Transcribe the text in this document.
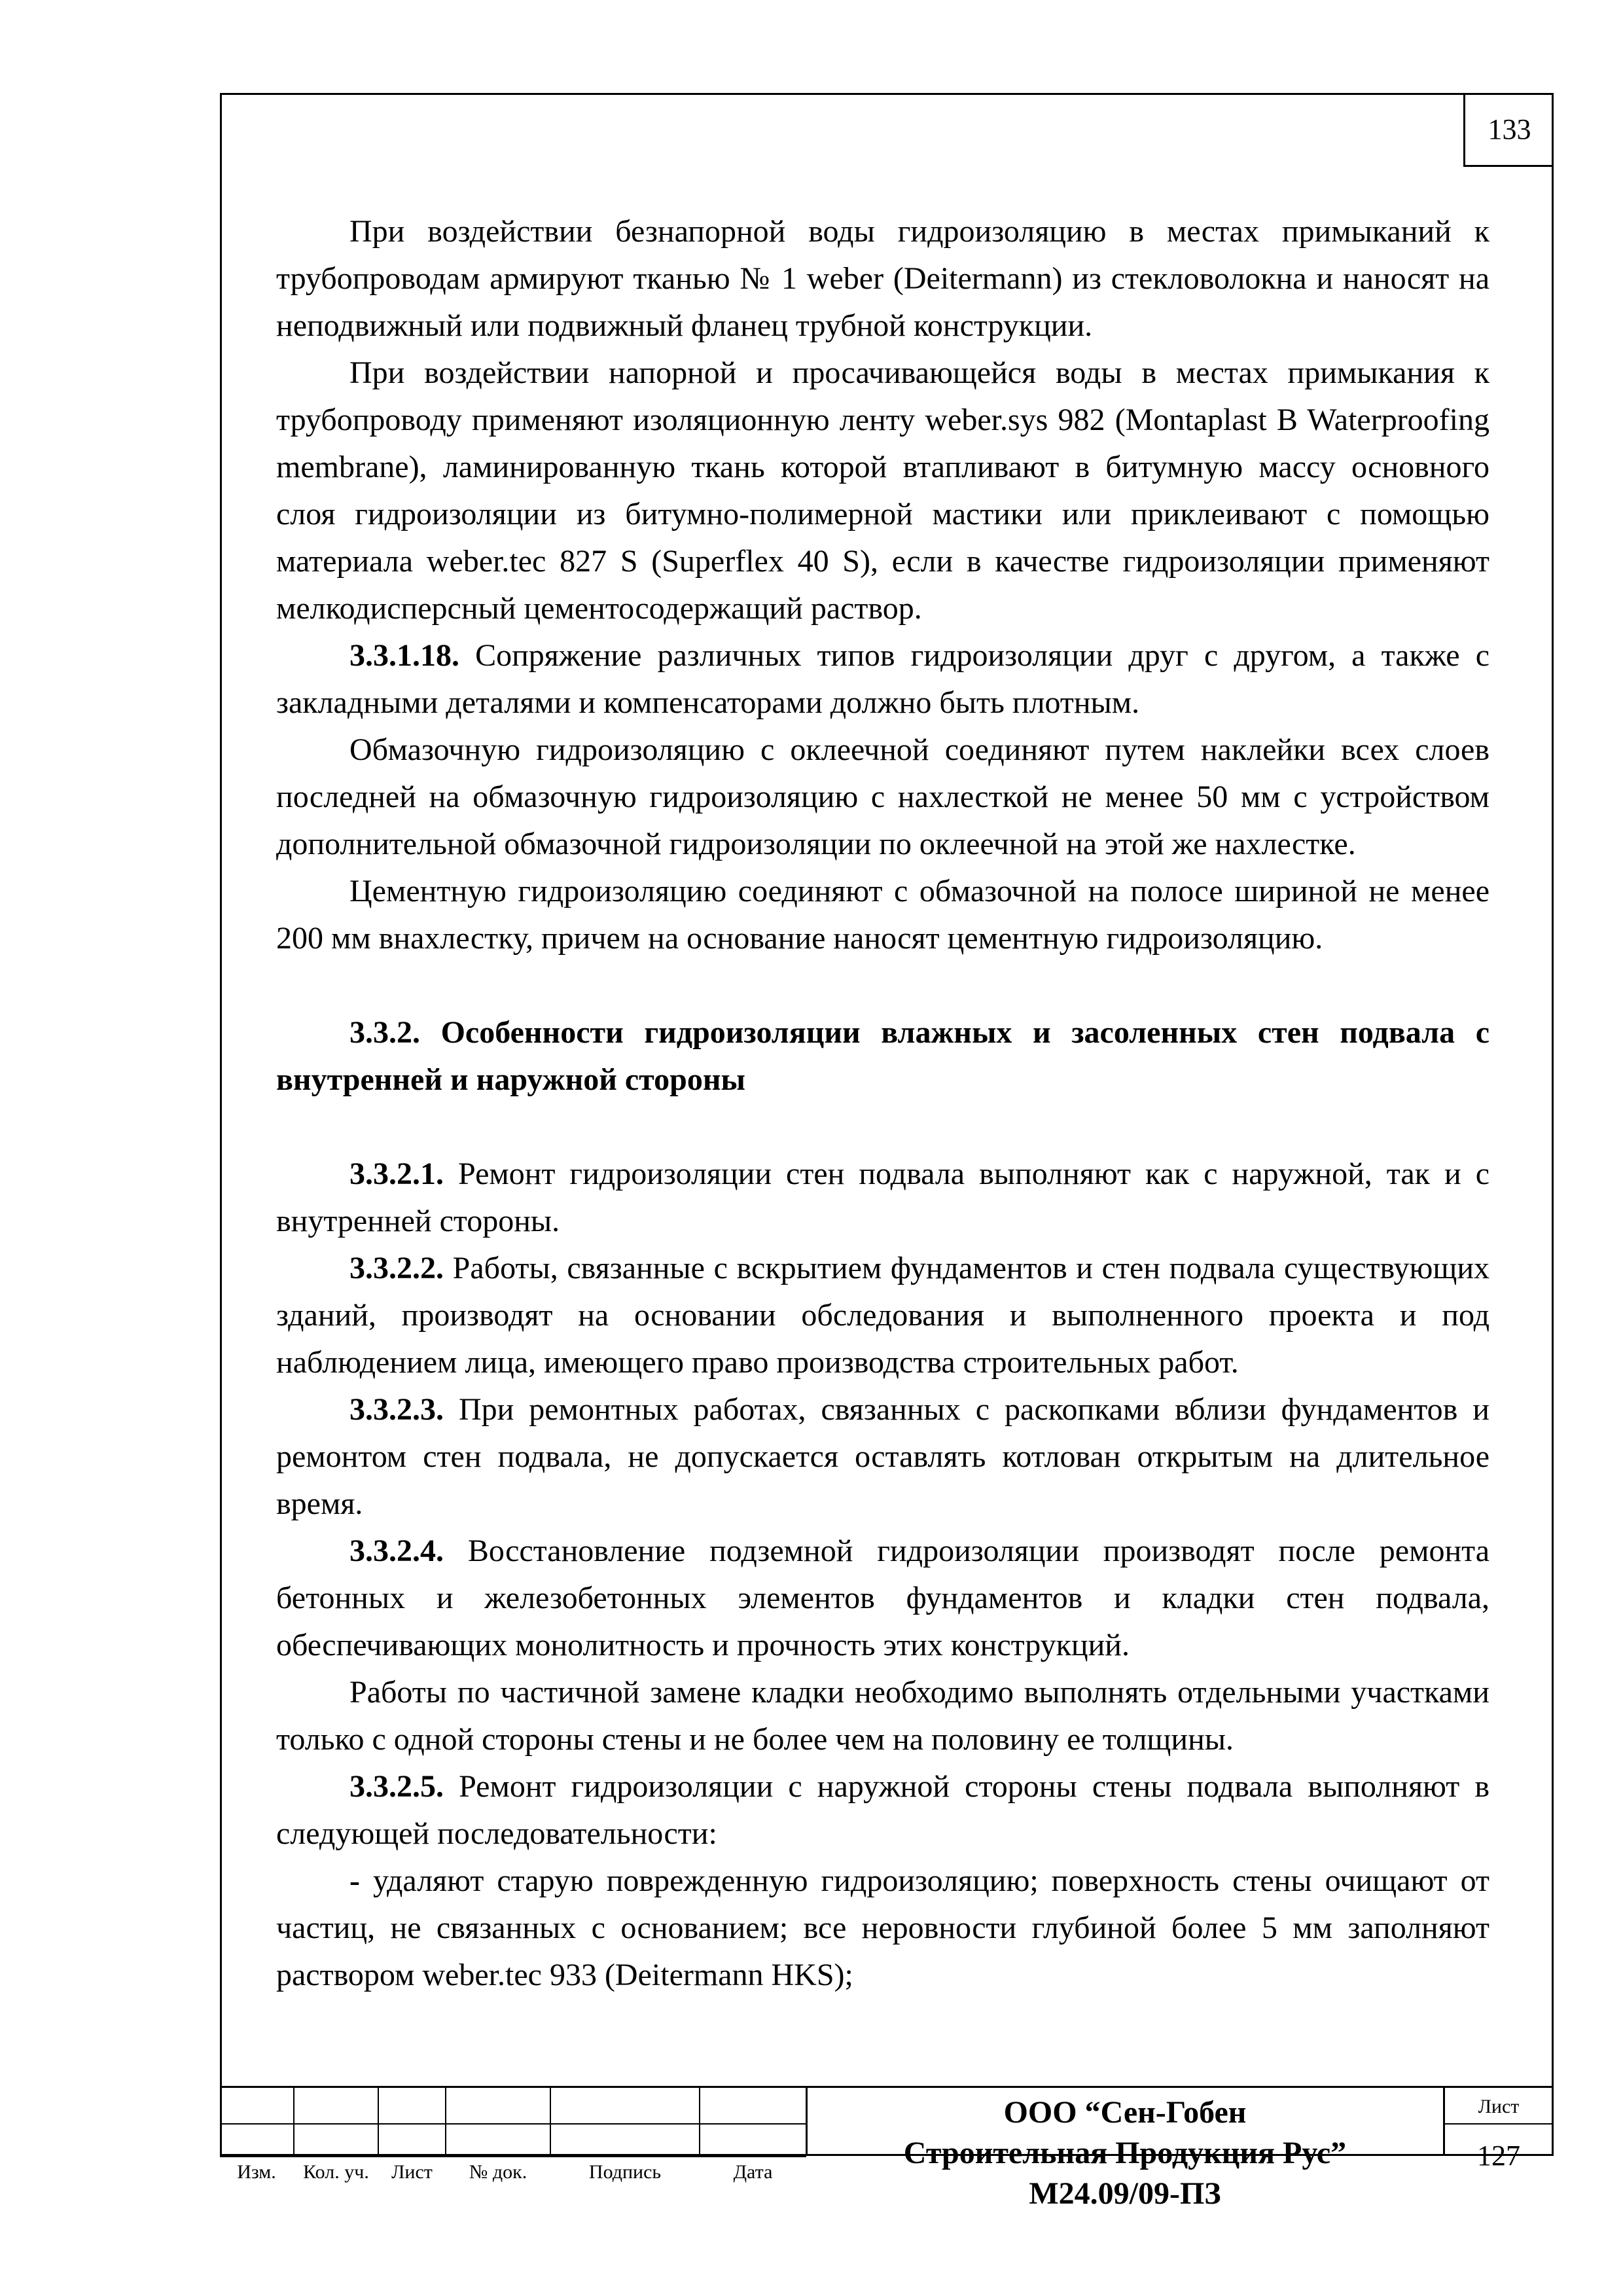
133

При воздействии безнапорной воды гидроизоляцию в местах примыканий к трубопроводам армируют тканью № 1 weber (Deitermann) из стекловолокна и наносят на неподвижный или подвижный фланец трубной конструкции.

При воздействии напорной и просачивающейся воды в местах примыкания к трубопроводу применяют изоляционную ленту weber.sys 982 (Montaplast B Waterproofing membrane), ламинированную ткань которой втапливают в битумную массу основного слоя гидроизоляции из битумно-полимерной мастики или приклеивают с помощью материала weber.tec 827 S (Superflex 40 S), если в качестве гидроизоляции применяют мелкодисперсный цементосодержащий раствор.

3.3.1.18. Сопряжение различных типов гидроизоляции друг с другом, а также с закладными деталями и компенсаторами должно быть плотным.

Обмазочную гидроизоляцию с оклеечной соединяют путем наклейки всех слоев последней на обмазочную гидроизоляцию с нахлесткой не менее 50 мм с устройством дополнительной обмазочной гидроизоляции по оклеечной на этой же нахлестке.

Цементную гидроизоляцию соединяют с обмазочной на полосе шириной не менее 200 мм внахлестку, причем на основание наносят цементную гидроизоляцию.

3.3.2. Особенности гидроизоляции влажных и засоленных стен подвала с внутренней и наружной стороны

3.3.2.1. Ремонт гидроизоляции стен подвала выполняют как с наружной, так и с внутренней стороны.

3.3.2.2. Работы, связанные с вскрытием фундаментов и стен подвала существующих зданий, производят на основании обследования и выполненного проекта и под наблюдением лица, имеющего право производства строительных работ.

3.3.2.3. При ремонтных работах, связанных с раскопками вблизи фундаментов и ремонтом стен подвала, не допускается оставлять котлован открытым на длительное время.

3.3.2.4. Восстановление подземной гидроизоляции производят после ремонта бетонных и железобетонных элементов фундаментов и кладки стен подвала, обеспечивающих монолитность и прочность этих конструкций.

Работы по частичной замене кладки необходимо выполнять отдельными участками только с одной стороны стены и не более чем на половину ее толщины.

3.3.2.5. Ремонт гидроизоляции с наружной стороны стены подвала выполняют в следующей последовательности:

- удаляют старую поврежденную гидроизоляцию; поверхность стены очищают от частиц, не связанных с основанием; все неровности глубиной более 5 мм заполняют раствором weber.tec 933 (Deitermann HKS);

Изм.	Кол. уч.	Лист	№ док.	Подпись	Дата
ООО “Сен-Гобен
Строительная Продукция Рус”
М24.09/09-ПЗ
Лист
127
